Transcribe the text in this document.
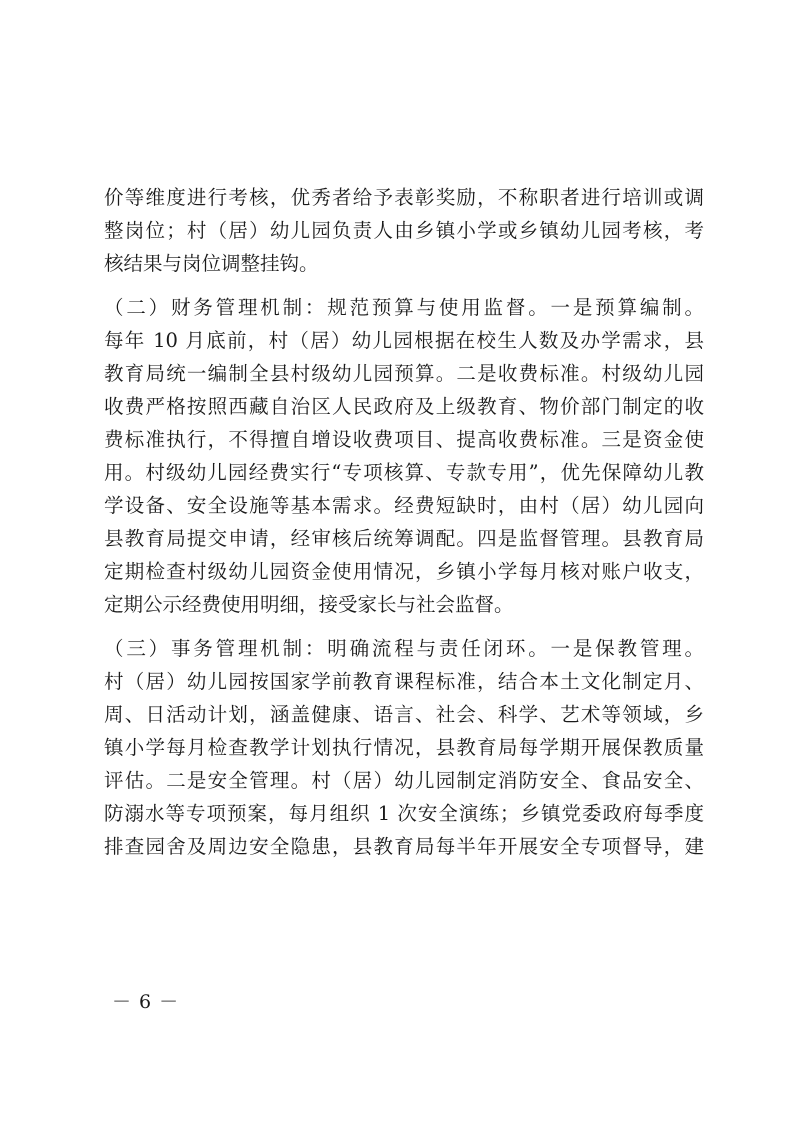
价等维度进行考核，优秀者给予表彰奖励，不称职者进行培训或调
整岗位；村（居）幼儿园负责人由乡镇小学或乡镇幼儿园考核，考
核结果与岗位调整挂钩。
（二）财务管理机制：规范预算与使用监督。一是预算编制。
每年 10 月底前，村（居）幼儿园根据在校生人数及办学需求，县
教育局统一编制全县村级幼儿园预算。二是收费标准。村级幼儿园
收费严格按照西藏自治区人民政府及上级教育、物价部门制定的收
费标准执行，不得擅自增设收费项目、提高收费标准。三是资金使
用。村级幼儿园经费实行“专项核算、专款专用”，优先保障幼儿教
学设备、安全设施等基本需求。经费短缺时，由村（居）幼儿园向
县教育局提交申请，经审核后统筹调配。四是监督管理。县教育局
定期检查村级幼儿园资金使用情况，乡镇小学每月核对账户收支，
定期公示经费使用明细，接受家长与社会监督。
（三）事务管理机制：明确流程与责任闭环。一是保教管理。
村（居）幼儿园按国家学前教育课程标准，结合本土文化制定月、
周、日活动计划，涵盖健康、语言、社会、科学、艺术等领域，乡
镇小学每月检查教学计划执行情况，县教育局每学期开展保教质量
评估。二是安全管理。村（居）幼儿园制定消防安全、食品安全、
防溺水等专项预案，每月组织 1 次安全演练；乡镇党委政府每季度
排查园舍及周边安全隐患，县教育局每半年开展安全专项督导，建
－ 6 －
